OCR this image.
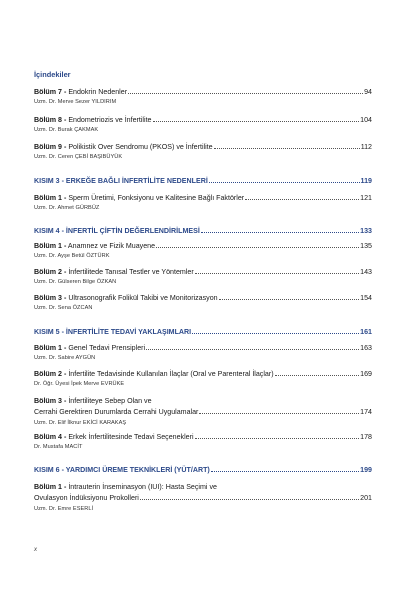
İçindekiler
Bölüm 7 - Endokrin Nedenler	94
Uzm. Dr. Merve Sezer YILDIRIM
Bölüm 8 - Endometriozis ve İnfertilite	104
Uzm. Dr. Burak ÇAKMAK
Bölüm 9 - Polikistik Over Sendromu (PKOS) ve İnfertilite	112
Uzm. Dr. Ceren ÇEBİ BAŞIBÜYÜK
KISIM 3 - ERKEĞE BAĞLI İNFERTİLİTE NEDENLERİ	119
Bölüm 1 - Sperm Üretimi, Fonksiyonu ve Kalitesine Bağlı Faktörler	121
Uzm. Dr. Ahmet GÜRBÜZ
KISIM 4 - İNFERTİL ÇİFTİN DEĞERLENDİRİLMESİ	133
Bölüm 1 - Anamnez ve Fizik Muayene	135
Uzm. Dr. Ayşe Betül ÖZTÜRK
Bölüm 2 - İnfertilitede Tanısal Testler ve Yöntemler	143
Uzm. Dr. Gülseren Bilge ÖZKAN
Bölüm 3 - Ultrasonografik Folikül Takibi ve Monitorizasyon	154
Uzm. Dr. Sena ÖZCAN
KISIM 5 - İNFERTİLİTE TEDAVİ YAKLAŞIMLARI	161
Bölüm 1 - Genel Tedavi Prensipleri	163
Uzm. Dr. Sabire AYGÜN
Bölüm 2 - İnfertilite Tedavisinde Kullanılan İlaçlar (Oral ve Parenteral İlaçlar)	169
Dr. Öğr. Üyesi İpek Merve EVRÜKE
Bölüm 3 - İnfertiliteye Sebep Olan ve
Cerrahi Gerektiren Durumlarda Cerrahi Uygulamalar	174
Uzm. Dr. Elif İlknur EKİCİ KARAKAŞ
Bölüm 4 - Erkek İnfertilitesinde Tedavi Seçenekleri	178
Dr. Mustafa MACİT
KISIM 6 - YARDIMCI ÜREME TEKNİKLERİ (YÜT/ART)	199
Bölüm 1 - İntrauterin İnseminasyon (IUI): Hasta Seçimi ve
Ovulasyon İndüksiyonu Prokolleri	201
Uzm. Dr. Emre ESERLİ
x
